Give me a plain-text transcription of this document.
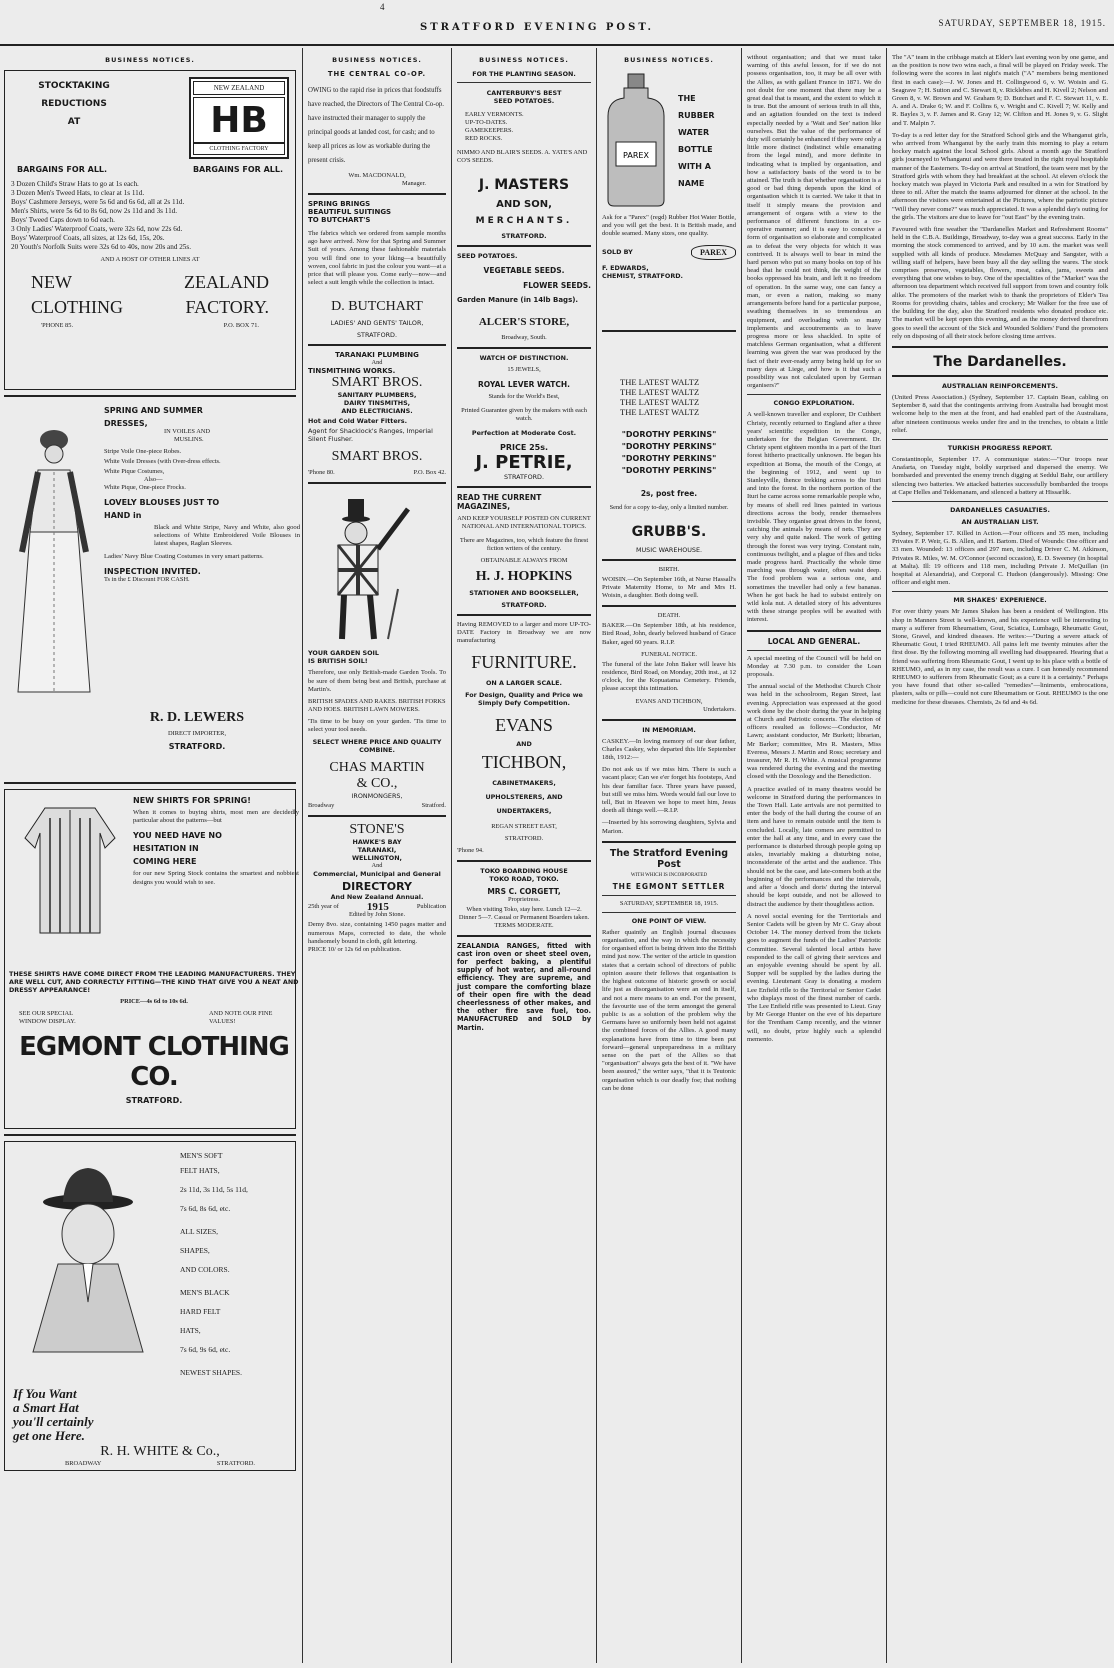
4
STRATFORD EVENING POST.	SATURDAY, SEPTEMBER 18, 1915.
BUSINESS NOTICES.
STOCKTAKING
REDUCTIONS
AT
NEW ZEALAND
HB
CLOTHING FACTORY
BARGAINS FOR ALL.	BARGAINS FOR ALL.
3 Dozen Child's Straw Hats to go at 1s each.
3 Dozen Men's Tweed Hats, to clear at 1s 11d.
Boys' Cashmere Jerseys, were 5s 6d and 6s 6d, all at 2s 11d.
Men's Shirts, were 5s 6d to 8s 6d, now 2s 11d and 3s 11d.
Boys' Tweed Caps down to 6d each.
3 Only Ladies' Waterproof Coats, were 32s 6d, now 22s 6d.
Boys' Waterproof Coats, all sizes, at 12s 6d, 15s, 20s.
20 Youth's Norfolk Suits were 32s 6d to 40s, now 20s and 25s.
AND A HOST OF OTHER LINES AT
NEW	ZEALAND
CLOTHING	FACTORY.
'PHONE 85.	P.O. BOX 71.
SPRING AND SUMMER
DRESSES,
IN VOILES AND
MUSLINS.
Stripe Voile One-piece Robes.
White Voile Dresses (with Over-dress effects.
White Pique Costumes,
Also—
White Pique, One-piece Frocks.
LOVELY BLOUSES JUST TO
HAND in
Black and White Stripe, Navy and White, also good selections of White Embroidered Voile Blouses in latest shapes, Raglan Sleeves.
Ladies' Navy Blue Coating Costumes in very smart patterns.
INSPECTION INVITED.
Ts in the £ Discount FOR CASH.
R. D. LEWERS
DIRECT IMPORTER,
STRATFORD.
NEW SHIRTS FOR SPRING!
When it comes to buying shirts, most men are decidedly particular about the patterns—but
YOU NEED HAVE NO
HESITATION IN
COMING HERE
for our new Spring Stock contains the smartest and nobbiest designs you would wish to see.
THESE SHIRTS HAVE COME DIRECT FROM THE LEADING MANUFACTURERS. THEY ARE WELL CUT, AND CORRECTLY FITTING—THE KIND THAT GIVE YOU A NEAT AND DRESSY APPEARANCE!
PRICE—4s 6d to 10s 6d.
SEE OUR SPECIAL WINDOW DISPLAY.
AND NOTE OUR FINE VALUES!
EGMONT CLOTHING CO.
STRATFORD.
If You Want
a Smart Hat
you'll certainly
get one Here.
MEN'S SOFT
FELT HATS,
2s 11d, 3s 11d, 5s 11d,
7s 6d, 8s 6d, etc.
ALL SIZES,
SHAPES,
AND COLORS.
MEN'S BLACK
HARD FELT
HATS,
7s 6d, 9s 6d, etc.
NEWEST SHAPES.
R. H. WHITE & Co.,
BROADWAY	STRATFORD.
BUSINESS NOTICES.
THE CENTRAL CO-OP.
OWING to the rapid rise in prices that foodstuffs have reached, the Directors of The Central Co-op. have instructed their manager to supply the principal goods at landed cost, for cash; and to keep all prices as low as workable during the present crisis.
Wm. MACDONALD,
Manager.
SPRING BRINGS
BEAUTIFUL SUITINGS
TO BUTCHART'S
The fabrics which we ordered from sample months ago have arrived. Now for that Spring and Summer Suit of yours. Among these fashionable materials you will find one to your liking—a beautifully woven, cool fabric in just the colour you want—at a price that will please you. Come early—now—and select a suit length while the collection is intact.
D. BUTCHART
LADIES' AND GENTS' TAILOR,
STRATFORD.
TARANAKI PLUMBING
And
TINSMITHING WORKS.
SMART BROS.
SANITARY PLUMBERS,
DAIRY TINSMITHS,
AND ELECTRICIANS.
Hot and Cold Water Fitters.
Agent for Shacklock's Ranges, Imperial Silent Flusher.
SMART BROS.
'Phone 80.	P.O. Box 42.
YOUR GARDEN SOIL
IS BRITISH SOIL!
Therefore, use only British-made Garden Tools. To be sure of them being best and British, purchase at Martin's.
BRITISH SPADES AND RAKES. BRITISH FORKS AND HOES. BRITISH LAWN MOWERS.
'Tis time to be busy on your garden. 'Tis time to select your tool needs.
SELECT WHERE PRICE AND QUALITY COMBINE.
CHAS MARTIN
& CO.,
IRONMONGERS,
Broadway	Stratford.
STONE'S
HAWKE'S BAY
TARANAKI,
WELLINGTON,
And
Commercial, Municipal and General
DIRECTORY
And New Zealand Annual.
25th year of	1915	Publication
Edited by John Stone.
Demy 8vo. size, containing 1450 pages matter and numerous Maps, corrected to date, the whole handsomely bound in cloth, gilt lettering.
PRICE 10/ or 12s 6d on publication.
BUSINESS NOTICES.
FOR THE PLANTING SEASON.
CANTERBURY'S BEST
SEED POTATOES.
EARLY VERMONTS.
UP-TO-DATES.
GAMEKEEPERS.
RED ROCKS.
NIMMO AND BLAIR'S SEEDS. A. YATE'S AND CO'S SEEDS.
J. MASTERS
AND SON,
MERCHANTS.
STRATFORD.
SEED POTATOES.
VEGETABLE SEEDS.
FLOWER SEEDS.
Garden Manure (in 14lb Bags).
ALCER'S STORE,
Broadway, South.
WATCH OF DISTINCTION.
15 JEWELS,
ROYAL LEVER WATCH.
Stands for the World's Best,
Printed Guarantee given by the makers with each watch.
Perfection at Moderate Cost.
PRICE 25s.
J. PETRIE,
STRATFORD.
READ THE CURRENT
MAGAZINES,
AND KEEP YOURSELF POSTED ON CURRENT NATIONAL AND INTERNATIONAL TOPICS.
There are Magazines, too, which feature the finest fiction writers of the century.
OBTAINABLE ALWAYS FROM
H. J. HOPKINS
STATIONER AND BOOKSELLER,
STRATFORD.
Having REMOVED to a larger and more UP-TO-DATE Factory in Broadway we are now manufacturing
FURNITURE.
ON A LARGER SCALE.
For Design, Quality and Price we Simply Defy Competition.
EVANS
AND
TICHBON,
CABINETMAKERS,
UPHOLSTERERS, AND
UNDERTAKERS,
REGAN STREET EAST,
STRATFORD.
'Phone 94.
TOKO BOARDING HOUSE
TOKO ROAD, TOKO.
MRS C. CORGETT,
Proprietress.
When visiting Toko, stay here. Lunch 12—2. Dinner 5—7. Casual or Permanent Boarders taken. TERMS MODERATE.
ZEALANDIA RANGES, fitted with cast iron oven or sheet steel oven, for perfect baking, a plentiful supply of hot water, and all-round efficiency. They are supreme, and just compare the comforting blaze of their open fire with the dead cheerlessness of other makes, and the other fire save fuel, too. MANUFACTURED and SOLD by Martin.
BUSINESS NOTICES.
PAREX
THE
RUBBER
WATER
BOTTLE
WITH A
NAME
Ask for a "Parex" (regd) Rubber Hot Water Bottle, and you will get the best. It is British made, and double seamed. Many sizes, one quality.
SOLD BY	PAREX
F. EDWARDS,
CHEMIST, STRATFORD.
THE LATEST WALTZ
THE LATEST WALTZ
THE LATEST WALTZ
THE LATEST WALTZ
"DOROTHY PERKINS"
"DOROTHY PERKINS"
"DOROTHY PERKINS"
"DOROTHY PERKINS"
2s, post free.
Send for a copy to-day, only a limited number.
GRUBB'S.
MUSIC WAREHOUSE.
BIRTH.
WOISIN.—On September 16th, at Nurse Hassall's Private Maternity Home, to Mr and Mrs H. Woisin, a daughter. Both doing well.
DEATH.
BAKER.—On September 18th, at his residence, Bird Road, John, dearly beloved husband of Grace Baker, aged 60 years. R.I.P.
FUNERAL NOTICE.
The funeral of the late John Baker will leave his residence, Bird Road, on Monday, 20th inst., at 12 o'clock, for the Kopuatama Cemetery. Friends, please accept this intimation.
EVANS AND TICHBON,
Undertakers.
IN MEMORIAM.
CASKEY.—In loving memory of our dear father, Charles Caskey, who departed this life September 18th, 1912:—
Do not ask us if we miss him. There is such a vacant place; Can we e'er forget his footsteps, And his dear familiar face. Three years have passed, but still we miss him. Words would fail our love to tell, But in Heaven we hope to meet him, Jesus doeth all things well.—R.I.P.
—Inserted by his sorrowing daughters, Sylvia and Marion.
The Stratford Evening Post
WITH WHICH IS INCORPORATED
THE EGMONT SETTLER
SATURDAY, SEPTEMBER 18, 1915.
ONE POINT OF VIEW.
Rather quaintly an English journal discusses organisation, and the way in which the necessity for organised effort is being driven into the British mind just now. The writer of the article in question states that a certain school of directors of public opinion assure their fellows that organisation is the highest outcome of historic growth or social life just as disorganisation were an end in itself, and not a mere means to an end. For the present, the favourite use of the term amongst the general public is as a solution of the problem why the Germans have so uniformly been held not against the combined forces of the Allies. A good many explanations have from time to time been put forward—general unpreparedness in a military sense on the part of the Allies so that "organisation" always gets the best of it. "We have been assured," the writer says, "that it is Teutonic organisation which is our deadly foe; that nothing can be done
without organisation; and that we must take warning of this awful lesson, for if we do not possess organisation, too, it may be all over with the Allies, as with gallant France in 1871. We do not doubt for one moment that there may be a great deal that is meant, and the extent to which it is true. But the amount of serious truth in all this, and an agitation founded on the text is indeed especially needed by a 'Wait and See' nation like ourselves. But the value of the performance of duty will certainly be enhanced if they were only a little more distinct (indistinct while emanating from the legal mind), and more definite in indicating what is implied by organisation, and how a satisfactory basis of the word is to be attained. The truth is that whether organisation is a good or bad thing depends upon the kind of organisation which it is carried. We take it that in itself it simply means the provision and arrangement of organs with a view to the performance of different functions in a co-operative manner; and it is easy to conceive a form of organisation so elaborate and complicated as to defeat the very objects for which it was contrived. It is always well to bear in mind the hard person who put so many books on top of his head that he could not think, the weight of the books oppressed his brain, and left it no freedom of operation. In the same way, one can fancy a man, or even a nation, making so many arrangements before hand for a particular purpose, swathing themselves in so tremendous an equipment, and overloading with so many implements and accoutrements as to leave progress more or less shackled. In spite of matchless German organisation, what a different learning was given the war was produced by the fact of their ever-ready army being held up for so many days at Liege, and how is it that such a possibility was not calculated upon by German organisers?"
CONGO EXPLORATION.
A well-known traveller and explorer, Dr Cuthbert Christy, recently returned to England after a three years' scientific expedition in the Congo, undertaken for the Belgian Government. Dr. Christy spent eighteen months in a part of the Ituri forest hitherto practically unknown. He began his expedition at Boma, the mouth of the Congo, at the beginning of 1912, and went up to Stanleyville, thence trekking across to the Ituri and into the forest. In the northern portion of the Ituri he came across some remarkable people who, by means of shell red lines painted in various directions across the body, render themselves invisible. They organise great drives in the forest, catching the animals by means of nets. They are very shy and quite naked. The work of getting through the forest was very trying. Constant rain, continuous twilight, and a plague of flies and ticks made progress hard. Practically the whole time marching was through water, often waist deep. The food problem was a serious one, and sometimes the traveller had only a few bananas. When he got back he had to subsist entirely on wild kola nut. A detailed story of his adventures with these strange peoples will be awaited with interest.
LOCAL AND GENERAL.
A special meeting of the Council will be held on Monday at 7.30 p.m. to consider the Loan proposals.
The annual social of the Methodist Church Choir was held in the schoolroom, Regan Street, last evening. Appreciation was expressed at the good work done by the choir during the year in helping at Church and Patriotic concerts. The election of officers resulted as follows:—Conductor, Mr Lawn; assistant conductor, Mr Burkett; librarian, Mr Barker; committee, Mrs R. Masters, Miss Everess, Messrs J. Martin and Ross; secretary and treasurer, Mr R. H. White. A musical programme was rendered during the evening and the meeting closed with the Doxology and the Benediction.
A practice availed of in many theatres would be welcome in Stratford during the performances in the Town Hall. Late arrivals are not permitted to enter the body of the hall during the course of an item and have to remain outside until the item is concluded. Locally, late comers are permitted to enter the hall at any time, and in every case the performance is disturbed through people going up aisles, invariably making a disturbing noise, inconsiderate of the artist and the audience. This should not be the case, and late-comers both at the beginning of the performances and the intervals, and after a 'dooch and doris' during the interval should be kept outside, and not be allowed to distract the audience by their thoughtless action.
A novel social evening for the Territorials and Senior Cadets will be given by Mr C. Gray about October 14. The money derived from the tickets goes to augment the funds of the Ladies' Patriotic Committee. Several talented local artists have responded to the call of giving their services and an enjoyable evening should be spent by all. Supper will be supplied by the ladies during the evening. Lieutenant Gray is donating a modern Lee Enfield rifle to the Territorial or Senior Cadet who displays most of the finest number of cards. The Lee Enfield rifle was presented to Lieut. Gray by Mr George Hunter on the eve of his departure for the Trentham Camp recently, and the winner will, no doubt, prize highly such a splendid memento.
The "A" team in the cribbage match at Elder's last evening won by one game, and as the position is now two wins each, a final will be played on Friday week. The following were the scores in last night's match ("A" members being mentioned first in each case):—J. W. Jones and H. Collingwood 6, v. W. Woisin and G. Seagrave 7; H. Sutton and C. Stewart 8, v. Ricklebes and H. Kivell 2; Nelson and Green 8, v. W. Brown and W. Graham 9; D. Butchart and F. C. Stewart 11, v. E. A. and A. Drake 6; W. and F. Collins 6, v. Wright and C. Kivell 7; W. Kelly and R. Bayles 3, v. F. James and R. Gray 12; W. Clifton and H. Jones 9, v. G. Slight and T. Malpin 7.
To-day is a red letter day for the Stratford School girls and the Whanganui girls, who arrived from Whanganui by the early train this morning to play a return hockey match against the local School girls. About a month ago the Stratford girls journeyed to Whanganui and were there treated in the right royal hospitable manner of the Easterners. To-day on arrival at Stratford, the team were met by the Stratford girls with whom they had breakfast at the school. At eleven o'clock the hockey match was played in Victoria Park and resulted in a win for Stratford by three to nil. After the match the teams adjourned for dinner at the school. In the afternoon the visitors were entertained at the Pictures, where the patriotic picture "Will they never come?" was much appreciated. It was a splendid day's outing for the girls. The visitors are due to leave for "out East" by the evening train.
Favoured with fine weather the "Dardanelles Market and Refreshment Rooms" held in the C.B.A. Buildings, Broadway, to-day was a great success. Early in the morning the stock commenced to arrived, and by 10 a.m. the market was well supplied with all kinds of produce. Mesdames McQuay and Sangster, with a willing staff of helpers, have been busy all the day selling the wares. The stock comprises preserves, vegetables, flowers, meat, cakes, jams, sweets and everything that one wishes to buy. One of the specialities of the "Market" was the afternoon tea department which received full support from town and country folk alike. The promoters of the market wish to thank the proprietors of Elder's Tea Rooms for providing chairs, tables and crockery; Mr Walker for the free use of the building for the day, also the Stratford residents who donated produce etc. The market will be kept open this evening, and as the money derived therefrom goes to swell the account of the Sick and Wounded Soldiers' Fund the promoters rely on disposing of all their stock before closing time arrives.
The Dardanelles.
AUSTRALIAN REINFORCEMENTS.
(United Press Association.) (Sydney, September 17. Captain Bean, cabling on September 8, said that the contingents arriving from Australia had brought most welcome help to the men at the front, and had enabled part of the Australians, after nineteen continuous weeks under fire and in the trenches, to obtain a little relief.
TURKISH PROGRESS REPORT.
Constantinople, September 17. A communique states:—"Our troops near Anafarta, on Tuesday night, boldly surprised and dispersed the enemy. We bombarded and prevented the enemy trench digging at Seddul Bahr, our artillery silencing two batteries. We attacked batteries successfully bombarded the troops at Cape Helles and Tekkenanam, and silenced a battery at Hissarlik.
DARDANELLES CASUALTIES.
AN AUSTRALIAN LIST.
Sydney, September 17. Killed in Action.—Four officers and 35 men, including Privates F. P. Weir, G. B. Allen, and H. Bartom. Died of Wounds: One officer and 33 men. Wounded: 13 officers and 297 men, including Driver C. M. Atkinson, Privates R. Miles, W. M. O'Connor (second occasion), E. D. Sweeney (in hospital at Malta). Ill: 19 officers and 118 men, including Private J. McQuillan (in hospital at Alexandria), and Corporal C. Hudson (dangerously). Missing: One officer and eight men.
MR SHAKES' EXPERIENCE.
For over thirty years Mr James Shakes has been a resident of Wellington. His shop in Manners Street is well-known, and his experience will be interesting to many a sufferer from Rheumatism, Gout, Sciatica, Lumbago, Rheumatic Gout, Stone, Gravel, and kindred diseases. He writes:—"During a severe attack of Rheumatic Gout, I tried RHEUMO. All pains left me twenty minutes after the first dose. By the following morning all swelling had disappeared. Hearing that a friend was suffering from Rheumatic Gout, I went up to his place with a bottle of RHEUMO, and, as in my case, the result was a cure. I can honestly recommend RHEUMO to sufferers from Rheumatic Gout; as a cure it is a certainty." Perhaps you have found that other so-called "remedies"—liniments, embrocations, plasters, salts or pills—could not cure Rheumatism or Gout. RHEUMO is the one medicine for these diseases. Chemists, 2s 6d and 4s 6d.
